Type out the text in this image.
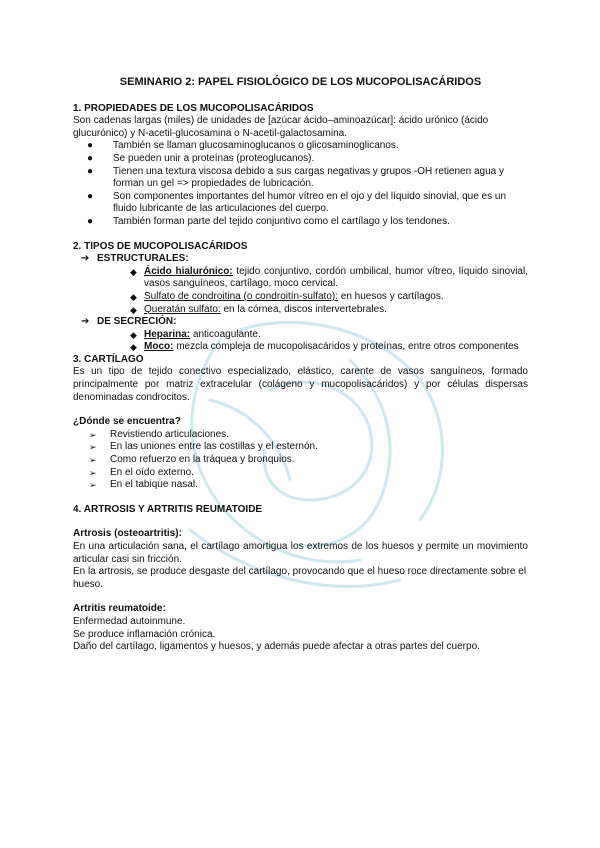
SEMINARIO 2: PAPEL FISIOLÓGICO DE LOS MUCOPOLISACÁRIDOS

1. PROPIEDADES DE LOS MUCOPOLISACÁRIDOS

Son cadenas largas (miles) de unidades de [azúcar ácido–aminoazúcar]: ácido urónico (ácido glucurónico) y N-acetil-glucosamina o N-acetil-galactosamina.

● También se llaman glucosaminoglucanos o glicosaminoglicanos.
● Se pueden unir a proteínas (proteoglucanos).
● Tienen una textura viscosa debido a sus cargas negativas y grupos -OH retienen agua y forman un gel => propiedades de lubricación.
● Son componentes importantes del humor vítreo en el ojo y del líquido sinovial, que es un fluido lubricante de las articulaciones del cuerpo.
● También forman parte del tejido conjuntivo como el cartílago y los tendones.

2. TIPOS DE MUCOPOLISACÁRIDOS

➔ ESTRUCTURALES:
◆ Ácido hialurónico: tejido conjuntivo, cordón umbilical, humor vítreo, líquido sinovial, vasos sanguíneos, cartílago, moco cervical.
◆ Sulfato de condroitina (o condroitín-sulfato): en huesos y cartílagos.
◆ Queratán sulfato: en la córnea, discos intervertebrales.
➔ DE SECRECIÓN:
◆ Heparina: anticoagulante.
◆ Moco: mezcla compleja de mucopolisacáridos y proteínas, entre otros componentes

3. CARTÍLAGO

Es un tipo de tejido conectivo especializado, elástico, carente de vasos sanguíneos, formado principalmente por matriz extracelular (colágeno y mucopolisacáridos) y por células dispersas denominadas condrocitos.

¿Dónde se encuentra?

➢ Revistiendo articulaciones.
➢ En las uniones entre las costillas y el esternón.
➢ Como refuerzo en la tráquea y bronquios.
➢ En el oído externo.
➢ En el tabique nasal.

4. ARTROSIS Y ARTRITIS REUMATOIDE

Artrosis (osteoartritis):

En una articulación sana, el cartílago amortigua los extremos de los huesos y permite un movimiento articular casi sin fricción.

En la artrosis, se produce desgaste del cartílago, provocando que el hueso roce directamente sobre el hueso.

Artritis reumatoide:

Enfermedad autoinmune.

Se produce inflamación crónica.

Daño del cartílago, ligamentos y huesos, y además puede afectar a otras partes del cuerpo.
